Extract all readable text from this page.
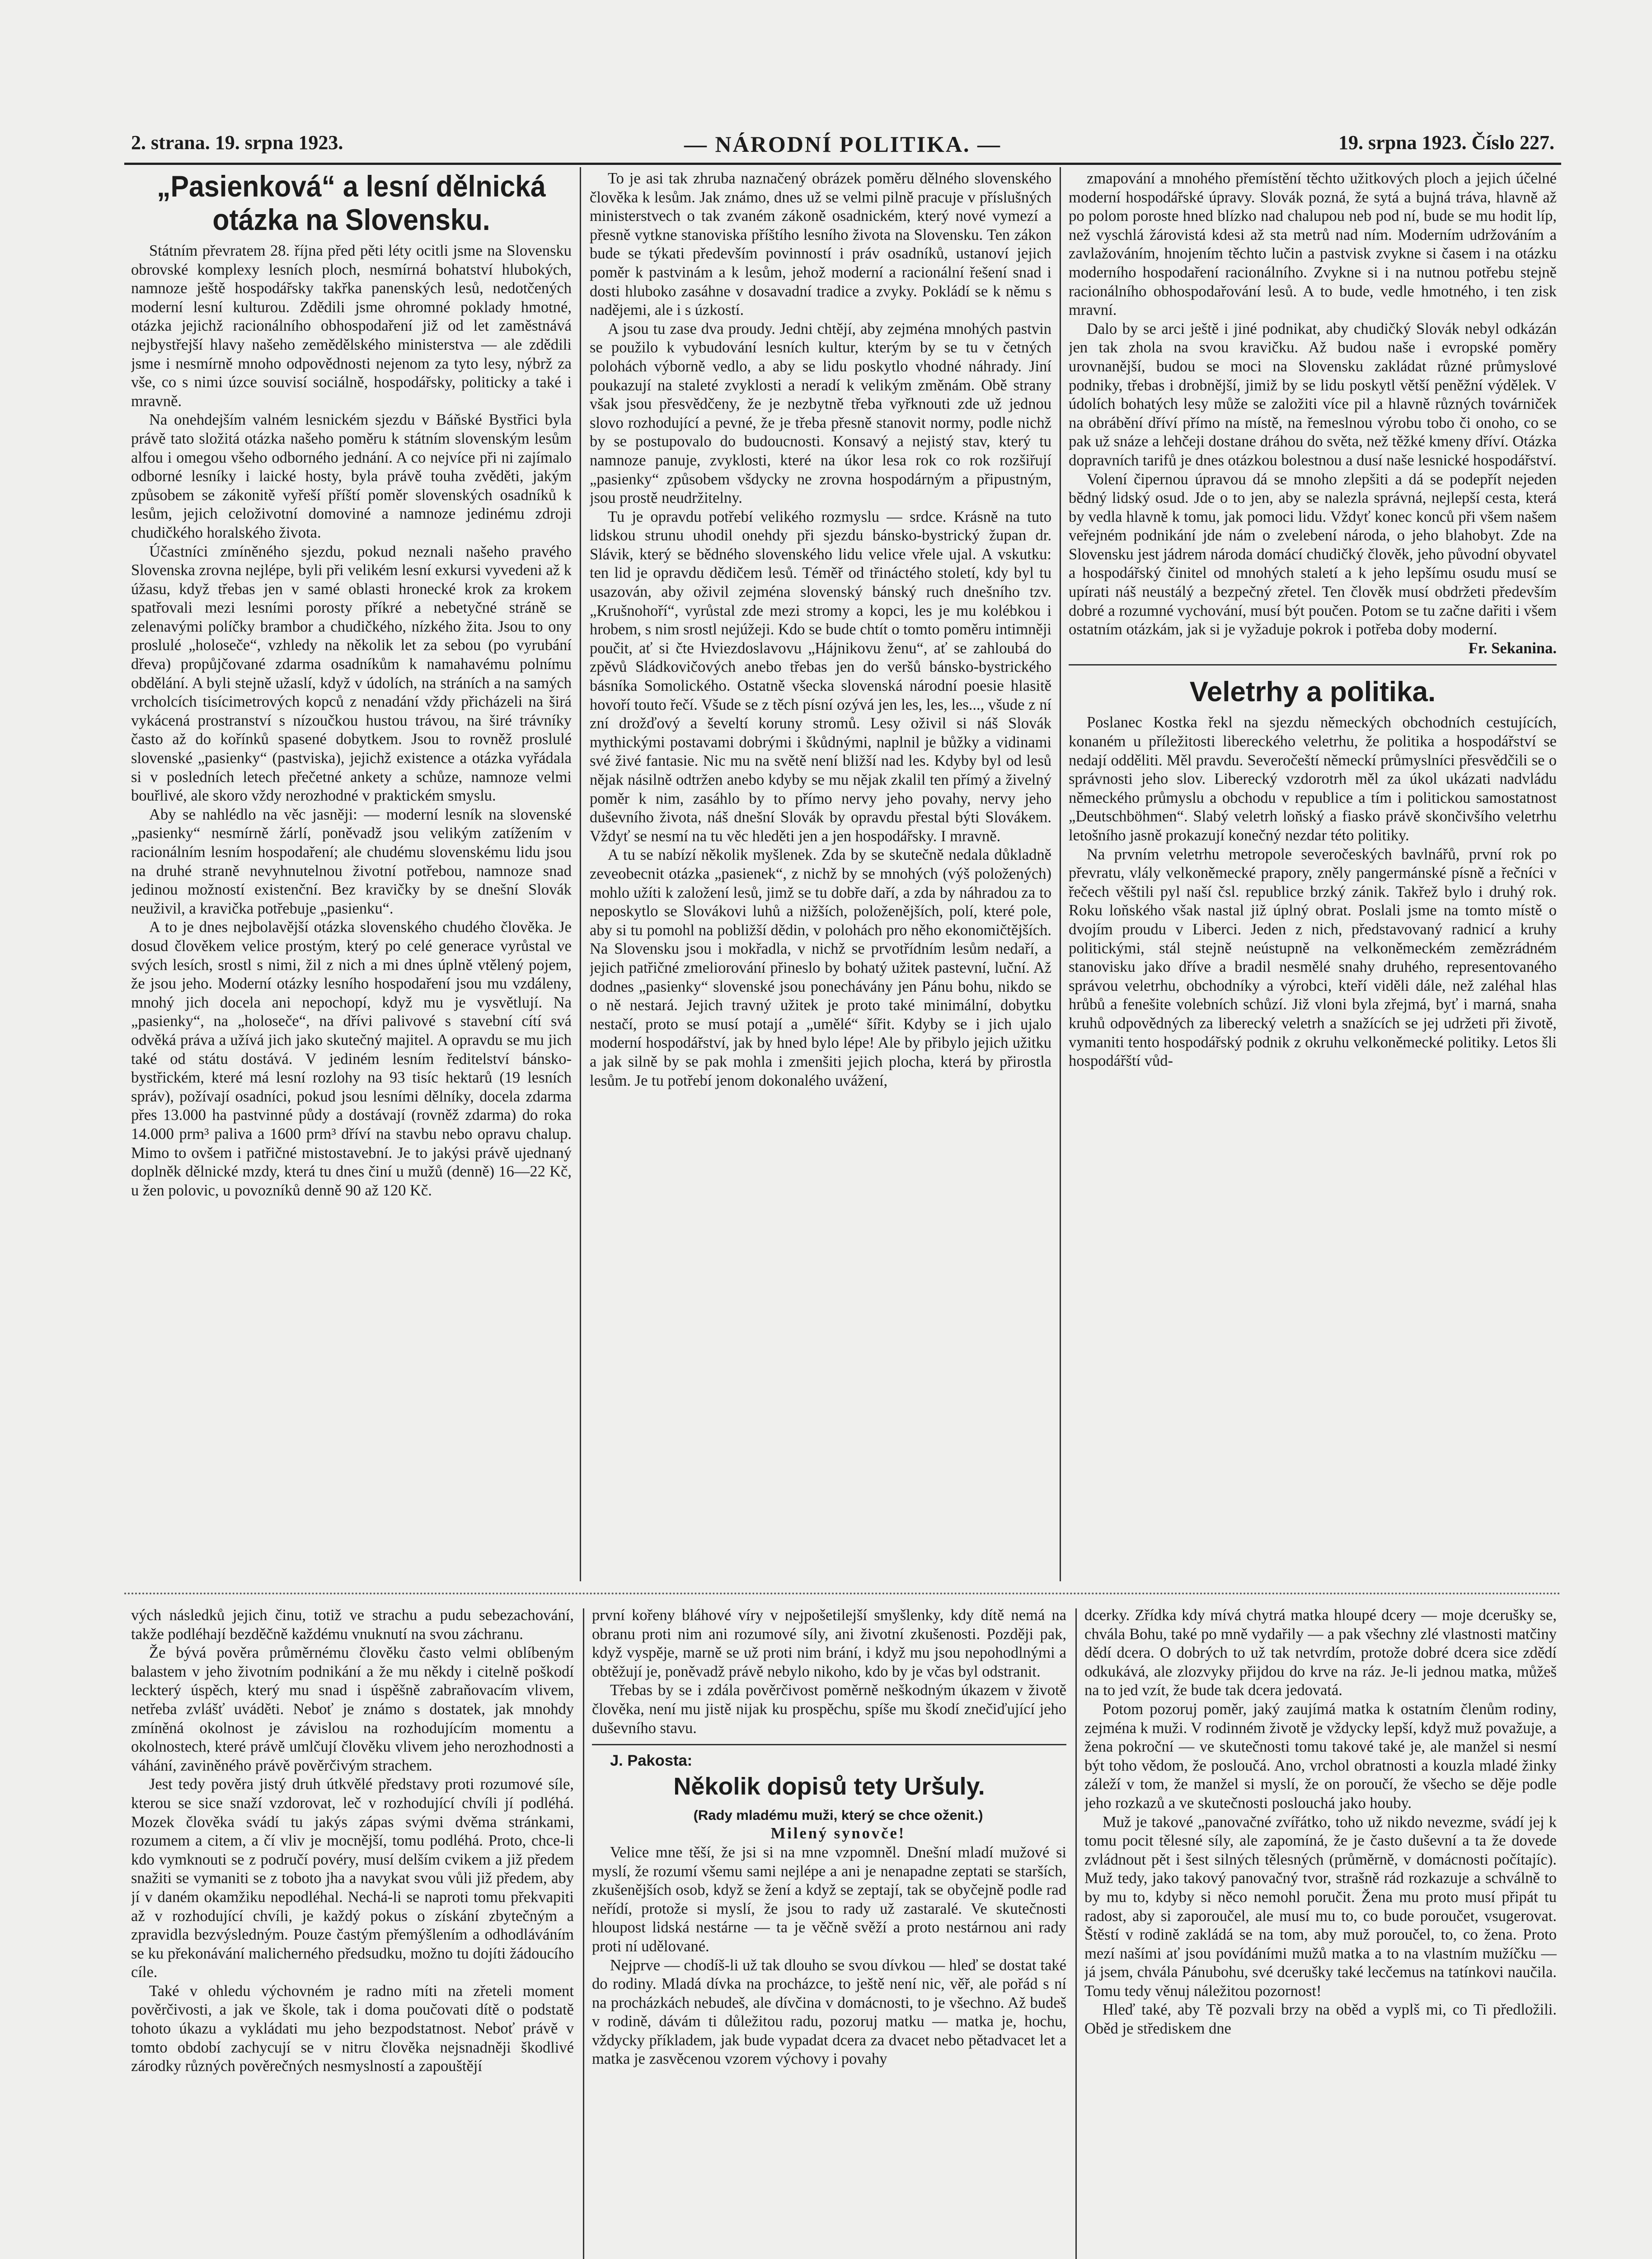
2. strana. 19. srpna 1923.	— NÁRODNÍ POLITIKA. —	19. srpna 1923. Číslo 227.
„Pasienková“ a lesní dělnická otázka na Slovensku.

Státním převratem 28. října před pěti léty ocitli jsme na Slovensku obrovské komplexy lesních ploch, nesmírná bohatství hlubokých, namnoze ještě hospodářsky takřka panenských lesů, nedotčených moderní lesní kulturou. Zdědili jsme ohromné poklady hmotné, otázka jejichž racionálního obhospodaření již od let zaměstnává nejbystřejší hlavy našeho zemědělského ministerstva — ale zdědili jsme i nesmírně mnoho odpovědnosti nejenom za tyto lesy, nýbrž za vše, co s nimi úzce souvisí sociálně, hospodářsky, politicky a také i mravně.

Na onehdejším valném lesnickém sjezdu v Báňské Bystřici byla právě tato složitá otázka našeho poměru k státním slovenským lesům alfou i omegou všeho odborného jednání. A co nejvíce při ni zajímalo odborné lesníky i laické hosty, byla právě touha zvěděti, jakým způsobem se zákonitě vyřeší příští poměr slovenských osadníků k lesům, jejich celoživotní domoviné a namnoze jedinému zdroji chudičkého horalského života.

Účastníci zmíněného sjezdu, pokud neznali našeho pravého Slovenska zrovna nejlépe, byli při velikém lesní exkursi vyvedeni až k úžasu, když třebas jen v samé oblasti hronecké krok za krokem spatřovali mezi lesními porosty příkré a nebetyčné stráně se zelenavými políčky brambor a chudičkého, nízkého žita. Jsou to ony proslulé „holoseče“, vzhledy na několik let za sebou (po vyrubání dřeva) propůjčované zdarma osadníkům k namahavému polnímu obdělání. A byli stejně užaslí, když v údolích, na stráních a na samých vrcholcích tisícimetrových kopců z nenadání vždy přicházeli na širá vykácená prostranství s nízoučkou hustou trávou, na širé trávníky často až do kořínků spasené dobytkem. Jsou to rovněž proslulé slovenské „pasienky“ (pastviska), jejichž existence a otázka vyřádala si v posledních letech přečetné ankety a schůze, namnoze velmi bouřlivé, ale skoro vždy nerozhodné v praktickém smyslu.

Aby se nahlédlo na věc jasněji: — moderní lesník na slovenské „pasienky“ nesmírně žárlí, poněvadž jsou velikým zatížením v racionálním lesním hospodaření; ale chudému slovenskému lidu jsou na druhé straně nevyhnutelnou životní potřebou, namnoze snad jedinou možností existenční. Bez kravičky by se dnešní Slovák neuživil, a kravička potřebuje „pasienku“.

A to je dnes nejbolavější otázka slovenského chudého člověka. Je dosud člověkem velice prostým, který po celé generace vyrůstal ve svých lesích, srostl s nimi, žil z nich a mi dnes úplně vtělený pojem, že jsou jeho. Moderní otázky lesního hospodaření jsou mu vzdáleny, mnohý jich docela ani nepochopí, když mu je vysvětlují. Na „pasienky“, na „holoseče“, na dřívi palivové s stavební cítí svá odvěká práva a užívá jich jako skutečný majitel. A opravdu se mu jich také od státu dostává. V jediném lesním ředitelství bánsko-bystřickém, které má lesní rozlohy na 93 tisíc hektarů (19 lesních správ), požívají osadníci, pokud jsou lesními dělníky, docela zdarma přes 13.000 ha pastvinné půdy a dostávají (rovněž zdarma) do roka 14.000 prm³ paliva a 1600 prm³ dříví na stavbu nebo opravu chalup. Mimo to ovšem i patřičné mistostavební. Je to jakýsi právě ujednaný doplněk dělnické mzdy, která tu dnes činí u mužů (denně) 16—22 Kč, u žen polovic, u povozníků denně 90 až 120 Kč.

To je asi tak zhruba naznačený obrázek poměru dělného slovenského člověka k lesům. Jak známo, dnes už se velmi pilně pracuje v příslušných ministerstvech o tak zvaném zákoně osadnickém, který nové vymezí a přesně vytkne stanoviska příštího lesního života na Slovensku. Ten zákon bude se týkati především povinností i práv osadníků, ustanoví jejich poměr k pastvinám a k lesům, jehož moderní a racionální řešení snad i dosti hluboko zasáhne v dosavadní tradice a zvyky. Pokládí se k němu s nadějemi, ale i s úzkostí.

A jsou tu zase dva proudy. Jedni chtějí, aby zejména mnohých pastvin se použilo k vybudování lesních kultur, kterým by se tu v četných polohách výborně vedlo, a aby se lidu poskytlo vhodné náhrady. Jiní poukazují na staleté zvyklosti a neradí k velikým změnám. Obě strany však jsou přesvědčeny, že je nezbytně třeba vyřknouti zde už jednou slovo rozhodující a pevné, že je třeba přesně stanovit normy, podle nichž by se postupovalo do budoucnosti. Konsavý a nejistý stav, který tu namnoze panuje, zvyklosti, které na úkor lesa rok co rok rozšiřují „pasienky“ způsobem všdycky ne zrovna hospodárným a připustným, jsou prostě neudržitelny.

Tu je opravdu potřebí velikého rozmyslu — srdce. Krásně na tuto lidskou strunu uhodil onehdy při sjezdu bánsko-bystrický župan dr. Slávik, který se bědného slovenského lidu velice vřele ujal. A vskutku: ten lid je opravdu dědičem lesů. Téměř od třináctého století, kdy byl tu usazován, aby oživil zejména slovenský bánský ruch dnešního tzv. „Krušnohoří“, vyrůstal zde mezi stromy a kopci, les je mu kolébkou i hrobem, s nim srostl nejúžeji. Kdo se bude chtít o tomto poměru intimněji poučit, ať si čte Hviezdoslavovu „Hájnikovu ženu“, ať se zahloubá do zpěvů Sládkovičových anebo třebas jen do veršů bánsko-bystrického básníka Somolického. Ostatně všecka slovenská národní poesie hlasitě hovoří touto řečí. Všude se z těch písní ozývá jen les, les, les..., všude z ní zní drožďový a ševeltí koruny stromů. Lesy oživil si náš Slovák mythickými postavami dobrými i škůdnými, naplnil je bůžky a vidinami své živé fantasie. Nic mu na světě není bližší nad les. Kdyby byl od lesů nějak násilně odtržen anebo kdyby se mu nějak zkalil ten přímý a živelný poměr k nim, zasáhlo by to přímo nervy jeho povahy, nervy jeho duševního života, náš dnešní Slovák by opravdu přestal býti Slovákem. Vždyť se nesmí na tu věc hleděti jen a jen hospodářsky. I mravně.

A tu se nabízí několik myšlenek. Zda by se skutečně nedala důkladně zeveobecnit otázka „pasienek“, z nichž by se mnohých (výš položených) mohlo užíti k založení lesů, jimž se tu dobře daří, a zda by náhradou za to neposkytlo se Slovákovi luhů a nižších, položenějších, polí, které pole, aby si tu pomohl na pobližší dědin, v polohách pro něho ekonomičtějších. Na Slovensku jsou i mokřadla, v nichž se prvotřídním lesům nedaří, a jejich patřičné zmeliorování přineslo by bohatý užitek pastevní, luční. Až dodnes „pasienky“ slovenské jsou ponechávány jen Pánu bohu, nikdo se o ně nestará. Jejich travný užitek je proto také minimální, dobytku nestačí, proto se musí potají a „umělé“ šířit. Kdyby se i jich ujalo moderní hospodářství, jak by hned bylo lépe! Ale by přibylo jejich užitku a jak silně by se pak mohla i zmenšiti jejich plocha, která by přirostla lesům. Je tu potřebí jenom dokonalého uvážení,

zmapování a mnohého přemístění těchto užitkových ploch a jejich účelné moderní hospodářské úpravy. Slovák pozná, že sytá a bujná tráva, hlavně až po polom poroste hned blízko nad chalupou neb pod ní, bude se mu hodit líp, než vyschlá žárovistá kdesi až sta metrů nad ním. Moderním udržováním a zavlažováním, hnojením těchto lučin a pastvisk zvykne si časem i na otázku moderního hospodaření racionálního. Zvykne si i na nutnou potřebu stejně racionálního obhospodařování lesů. A to bude, vedle hmotného, i ten zisk mravní.

Dalo by se arci ještě i jiné podnikat, aby chudičký Slovák nebyl odkázán jen tak zhola na svou kravičku. Až budou naše i evropské poměry urovnanější, budou se moci na Slovensku zakládat různé průmyslové podniky, třebas i drobnější, jimiž by se lidu poskytl větší peněžní výdělek. V údolích bohatých lesy může se založiti více pil a hlavně různých továrniček na obrábění dříví přímo na místě, na řemeslnou výrobu tobo či onoho, co se pak už snáze a lehčeji dostane dráhou do světa, než těžké kmeny dříví. Otázka dopravních tarifů je dnes otázkou bolestnou a dusí naše lesnické hospodářství.

Volení čipernou úpravou dá se mnoho zlepšiti a dá se podepřít nejeden bědný lidský osud. Jde o to jen, aby se nalezla správná, nejlepší cesta, která by vedla hlavně k tomu, jak pomoci lidu. Vždyť konec konců při všem našem veřejném podnikání jde nám o zvelebení národa, o jeho blahobyt. Zde na Slovensku jest jádrem národa domácí chudičký člověk, jeho původní obyvatel a hospodářský činitel od mnohých staletí a k jeho lepšímu osudu musí se upírati náš neustálý a bezpečný zřetel. Ten člověk musí obdržeti především dobré a rozumné vychování, musí být poučen. Potom se tu začne dařiti i všem ostatním otázkám, jak si je vyžaduje pokrok i potřeba doby moderní.

Fr. Sekanina.

Veletrhy a politika.

Poslanec Kostka řekl na sjezdu německých obchodních cestujících, konaném u příležitosti libereckého veletrhu, že politika a hospodářství se nedají odděliti. Měl pravdu. Severočeští německí průmyslníci přesvědčili se o správnosti jeho slov. Liberecký vzdorotrh měl za úkol ukázati nadvládu německého průmyslu a obchodu v republice a tím i politickou samostatnost „Deutschböhmen“. Slabý veletrh loňský a fiasko právě skončivšího veletrhu letošního jasně prokazují konečný nezdar této politiky.

Na prvním veletrhu metropole severočeských bavlnářů, první rok po převratu, vlály velkoněmecké prapory, zněly pangermánské písně a řečníci v řečech věštili pyl naší čsl. republice brzký zánik. Takřež bylo i druhý rok. Roku loňského však nastal již úplný obrat. Poslali jsme na tomto místě o dvojím proudu v Liberci. Jeden z nich, představovaný radnicí a kruhy politickými, stál stejně neústupně na velkoněmeckém zemězrádném stanovisku jako dříve a bradil nesmělé snahy druhého, representovaného správou veletrhu, obchodníky a výrobci, kteří viděli dále, než zaléhal hlas hrůbů a fenešite volebních schůzí. Již vloni byla zřejmá, byť i marná, snaha kruhů odpovědných za liberecký veletrh a snažících se jej udržeti při životě, vymaniti tento hospodářský podnik z okruhu velkoněmecké politiky. Letos šli hospodářští vůd-

vých následků jejich činu, totiž ve strachu a pudu sebezachování, takže podléhají bezděčně každému vnuknutí na svou záchranu.

Že bývá pověra průměrnému člověku často velmi oblíbeným balastem v jeho životním podnikání a že mu někdy i citelně poškodí leckterý úspěch, který mu snad i úspěšně zabraňovacím vlivem, netřeba zvlášť uváděti. Neboť je známo s dostatek, jak mnohdy zmíněná okolnost je závislou na rozhodujícím momentu a okolnostech, které právě umlčují člověku vlivem jeho nerozhodnosti a váhání, zaviněného právě pověrčivým strachem.

Jest tedy pověra jistý druh útkvělé představy proti rozumové síle, kterou se sice snaží vzdorovat, leč v rozhodující chvíli jí podléhá. Mozek člověka svádí tu jakýs zápas svými dvěma stránkami, rozumem a citem, a čí vliv je mocnější, tomu podléhá. Proto, chce-li kdo vymknouti se z područí povéry, musí delším cvikem a již předem snažiti se vymaniti se z toboto jha a navykat svou vůli již předem, aby jí v daném okamžiku nepodléhal. Nechá-li se naproti tomu překvapiti až v rozhodující chvíli, je každý pokus o získání zbytečným a zpravidla bezvýsledným. Pouze častým přemýšlením a odhodláváním se ku překonávání malicherného předsudku, možno tu dojíti žádoucího cíle.

Také v ohledu výchovném je radno míti na zřeteli moment pověrčivosti, a jak ve škole, tak i doma poučovati dítě o podstatě tohoto úkazu a vykládati mu jeho bezpodstatnost. Neboť právě v tomto období zachycují se v nitru člověka nejsnadněji škodlivé zárodky různých pověrečných nesmyslností a zapouštějí

první kořeny bláhové víry v nejpošetilejší smyšlenky, kdy dítě nemá na obranu proti nim ani rozumové síly, ani životní zkušenosti. Později pak, když vyspěje, marně se už proti nim brání, i když mu jsou nepohodlnými a obtěžují je, poněvadž právě nebylo nikoho, kdo by je včas byl odstranit.

Třebas by se i zdála pověrčivost poměrně neškodným úkazem v životě člověka, není mu jistě nijak ku prospěchu, spíše mu škodí znečiďující jeho duševního stavu.

J. Pakosta:

Několik dopisů tety Uršuly.

(Rady mladému muži, který se chce oženit.)

Milený synovče!

Velice mne těší, že jsi si na mne vzpomněl. Dnešní mladí mužové si myslí, že rozumí všemu sami nejlépe a ani je nenapadne zeptati se starších, zkušenějších osob, když se žení a když se zeptají, tak se obyčejně podle rad neřídí, protože si myslí, že jsou to rady už zastaralé. Ve skutečnosti hloupost lidská nestárne — ta je věčně svěží a proto nestárnou ani rady proti ní udělované.

Nejprve — chodíš-li už tak dlouho se svou dívkou — hleď se dostat také do rodiny. Mladá dívka na procházce, to ještě není nic, věř, ale pořád s ní na procházkách nebudeš, ale dívčina v domácnosti, to je všechno. Až budeš v rodině, dávám ti důležitou radu, pozoruj matku — matka je, hochu, vždycky příkladem, jak bude vypadat dcera za dvacet nebo pětadvacet let a matka je zasvěcenou vzorem výchovy i povahy

dcerky. Zřídka kdy mívá chytrá matka hloupé dcery — moje dcerušky se, chvála Bohu, také po mně vydařily — a pak všechny zlé vlastnosti matčiny dědí dcera. O dobrých to už tak netvrdím, protože dobré dcera sice zdědí odkukává, ale zlozvyky přijdou do krve na ráz. Je-li jednou matka, můžeš na to jed vzít, že bude tak dcera jedovatá.

Potom pozoruj poměr, jaký zaujímá matka k ostatním členům rodiny, zejména k muži. V rodinném životě je vždycky lepší, když muž považuje, a žena pokroční — ve skutečnosti tomu takové také je, ale manžel si nesmí být toho vědom, že posloučá. Ano, vrchol obratnosti a kouzla mladé žinky záleží v tom, že manžel si myslí, že on poroučí, že všecho se děje podle jeho rozkazů a ve skutečnosti poslouchá jako houby.

Muž je takové „panovačné zvířátko, toho už nikdo nevezme, svádí jej k tomu pocit tělesné síly, ale zapomíná, že je často duševní a ta že dovede zvládnout pět i šest silných tělesných (průměrně, v domácnosti počítajíc). Muž tedy, jako takový panovačný tvor, strašně rád rozkazuje a schválně to by mu to, kdyby si něco nemohl poručit. Žena mu proto musí připát tu radost, aby si zaporoučel, ale musí mu to, co bude poroučet, vsugerovat. Štěstí v rodině zakládá se na tom, aby muž poroučel, to, co žena. Proto mezí našími ať jsou povídáními mužů matka a to na vlastním mužíčku — já jsem, chvála Pánubohu, své dcerušky také lecčemus na tatínkovi naučila. Tomu tedy věnuj náležitou pozornost!

Hleď také, aby Tě pozvali brzy na oběd a vyplš mi, co Ti předložili. Oběd je střediskem dne
